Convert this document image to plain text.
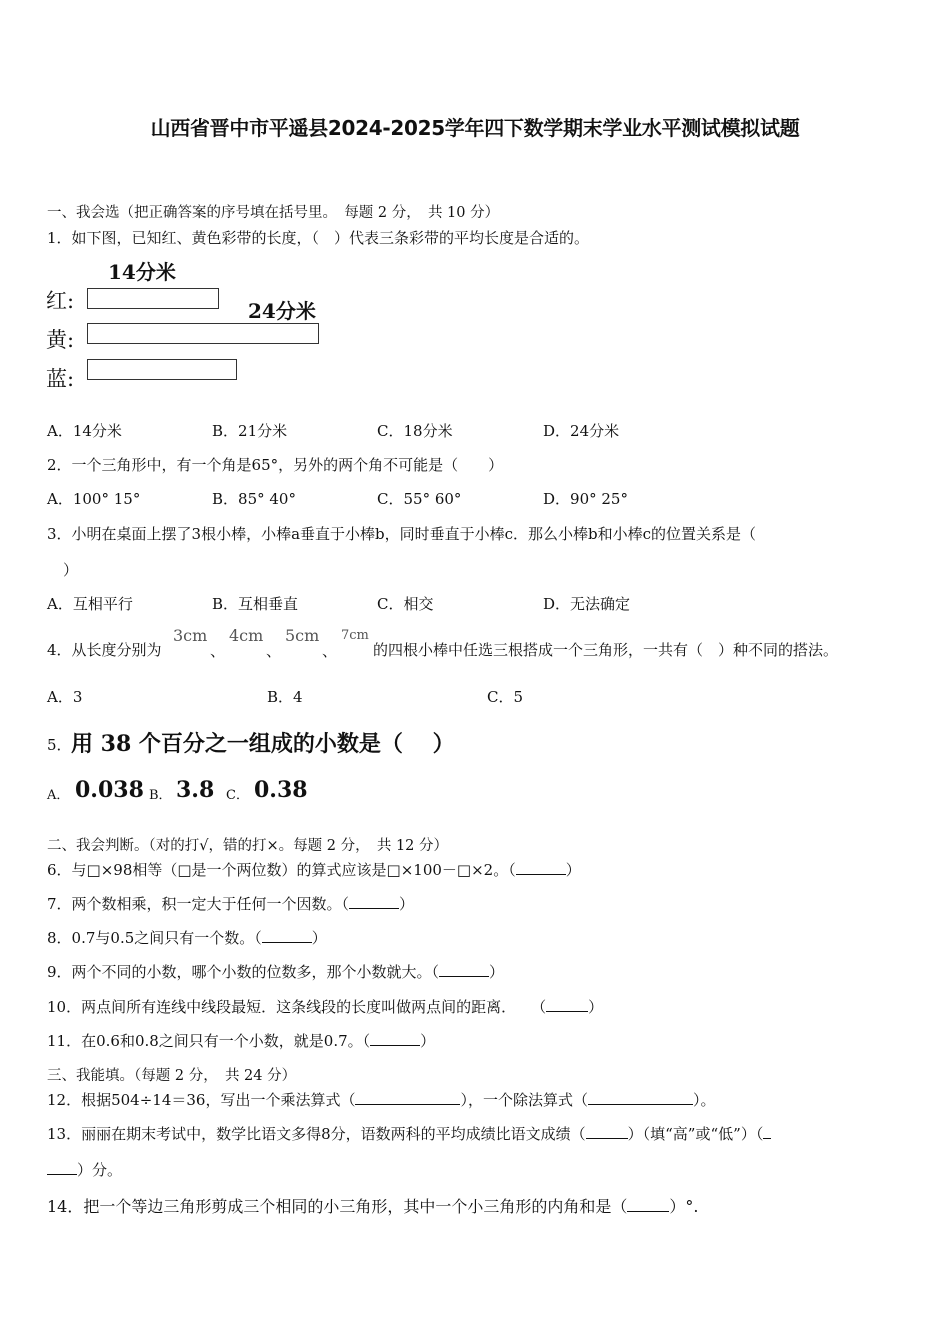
山西省晋中市平遥县2024-2025学年四下数学期末学业水平测试模拟试题
一、我会选（把正确答案的序号填在括号里。　每题 2 分，　共 10 分）
1．如下图，已知红、黄色彩带的长度，（　）代表三条彩带的平均长度是合适的。
14分米
24分米
红:
黄:
蓝:
A．14分米	B．21分米	C．18分米	D．24分米
2．一个三角形中，有一个角是65°，另外的两个角不可能是（　　）
A．100° 15°	B．85° 40°	C．55° 60°	D．90° 25°
3．小明在桌面上摆了3根小棒，小棒a垂直于小棒b，同时垂直于小棒c．那么小棒b和小棒c的位置关系是（
）
A．互相平行	B．互相垂直	C．相交	D．无法确定
4．从长度分别为
3cm
、
4cm
、
5cm
、
7cm
的四根小棒中任选三根搭成一个三角形，一共有（　）种不同的搭法。
A．3	B．4	C．5
5． 用 38 个百分之一组成的小数是（　 ）
A． 0.038 B． 3.8 C． 0.38
二、我会判断。（对的打√，错的打×。每题 2 分，　共 12 分）
6．与□×98相等（□是一个两位数）的算式应该是□×100－□×2。（	）
7．两个数相乘，积一定大于任何一个因数。（	）
8．0.7与0.5之间只有一个数。（	）
9．两个不同的小数，哪个小数的位数多，那个小数就大。（	）
10．两点间所有连线中线段最短．这条线段的长度叫做两点间的距离．　　（	）
11．在0.6和0.8之间只有一个小数，就是0.7。（	）
三、我能填。（每题 2 分，　共 24 分）
12．根据504÷14＝36，写出一个乘法算式（	），一个除法算式（	）。
13．丽丽在期末考试中，数学比语文多得8分，语数两科的平均成绩比语文成绩（	）（填“高”或“低”）（
）分。
14．把一个等边三角形剪成三个相同的小三角形，其中一个小三角形的内角和是（	）°.
